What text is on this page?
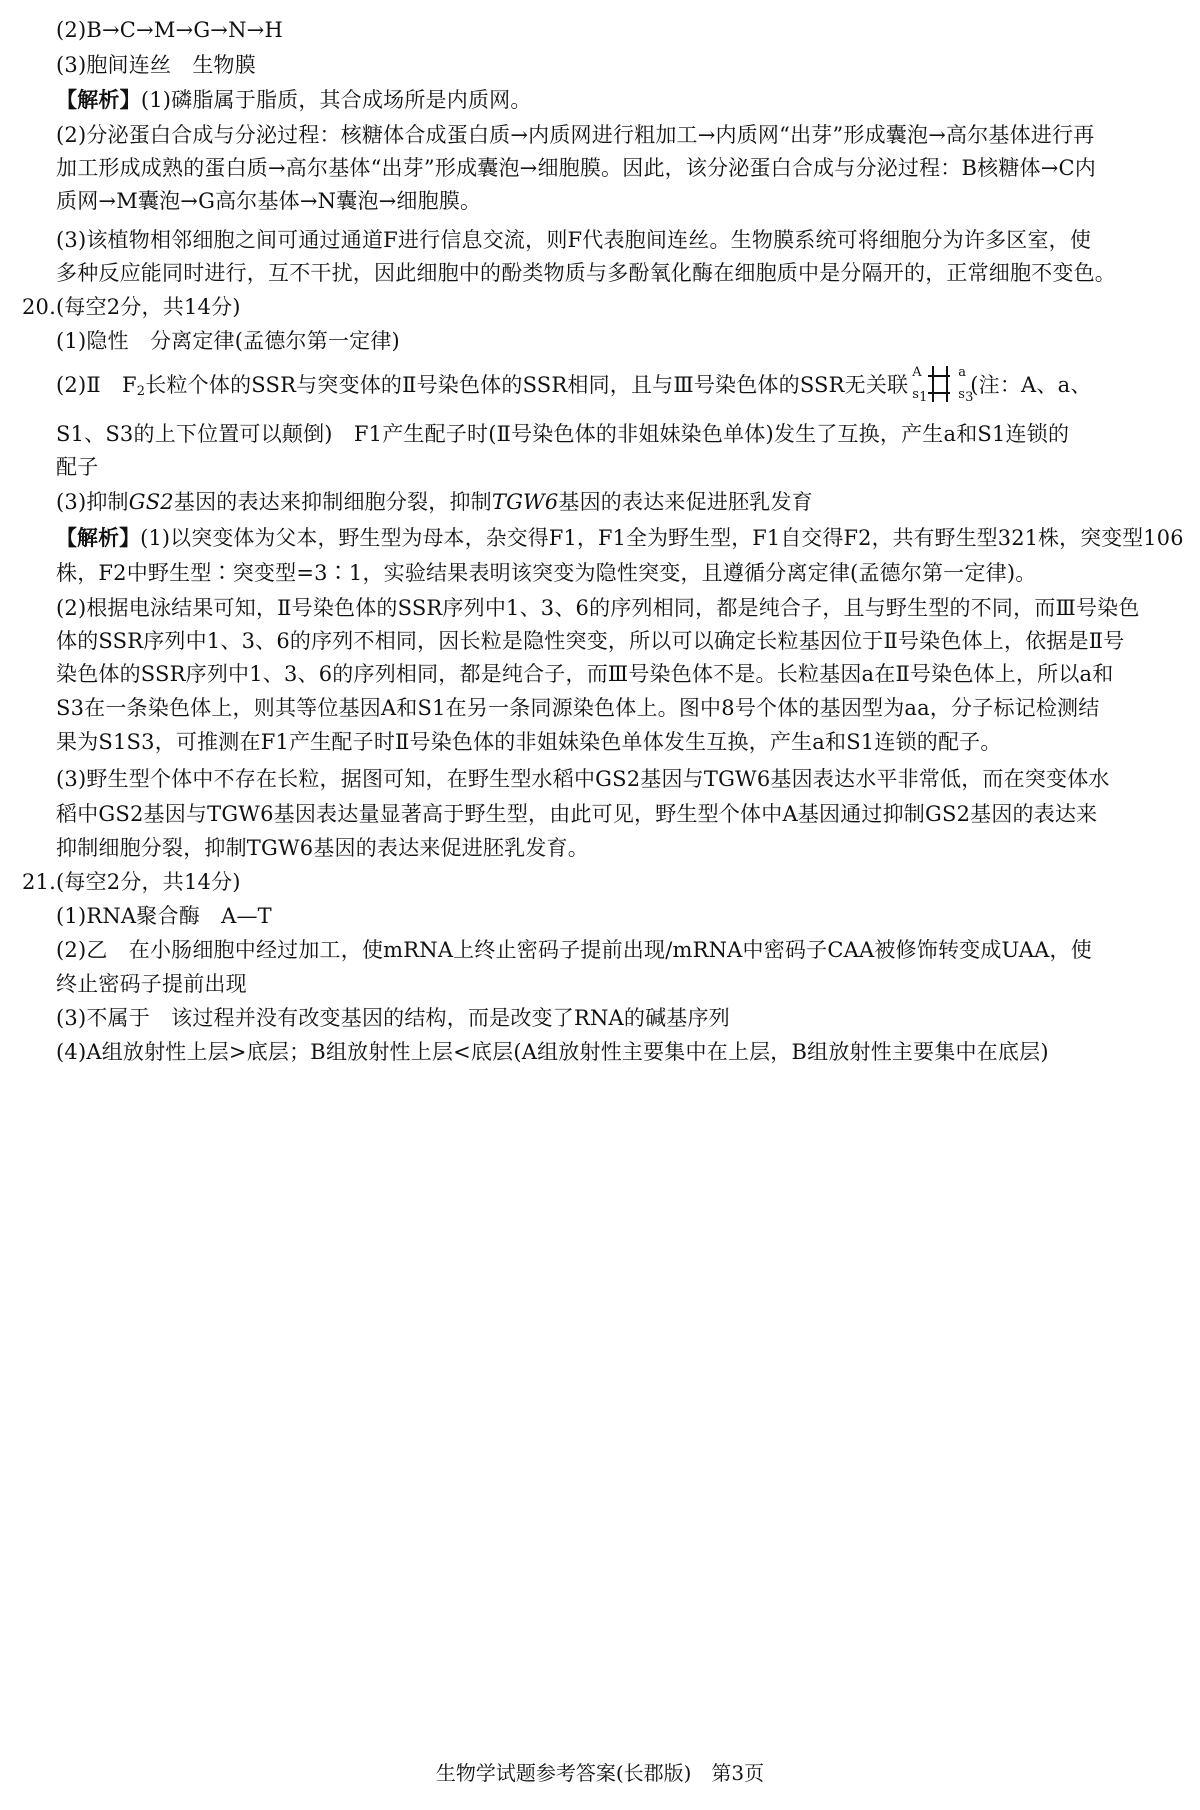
(2)B→C→M→G→N→H
(3)胞间连丝　生物膜
【解析】(1)磷脂属于脂质，其合成场所是内质网。
(2)分泌蛋白合成与分泌过程：核糖体合成蛋白质→内质网进行粗加工→内质网“出芽”形成囊泡→高尔基体进行再
加工形成成熟的蛋白质→高尔基体“出芽”形成囊泡→细胞膜。因此，该分泌蛋白合成与分泌过程：B核糖体→C内
质网→M囊泡→G高尔基体→N囊泡→细胞膜。
(3)该植物相邻细胞之间可通过通道F进行信息交流，则F代表胞间连丝。生物膜系统可将细胞分为许多区室，使
多种反应能同时进行，互不干扰，因此细胞中的酚类物质与多酚氧化酶在细胞质中是分隔开的，正常细胞不变色。
20.(每空2分，共14分)
(1)隐性　分离定律(孟德尔第一定律)
(2)Ⅱ　$F_2$长粒个体的SSR与突变体的Ⅱ号染色体的SSR相同，且与Ⅲ号染色体的SSR无关联
A	a
$s_1$ $s_3$
(注：A、a、
S1、S3的上下位置可以颠倒)　F1产生配子时(Ⅱ号染色体的非姐妹染色单体)发生了互换，产生a和S1连锁的
配子
(3)抑制GS2基因的表达来抑制细胞分裂，抑制TGW6基因的表达来促进胚乳发育
【解析】(1)以突变体为父本，野生型为母本，杂交得F1，F1全为野生型，F1自交得F2，共有野生型321株，突变型106
株，F2中野生型∶突变型=3∶1，实验结果表明该突变为隐性突变，且遵循分离定律(孟德尔第一定律)。
(2)根据电泳结果可知，Ⅱ号染色体的SSR序列中1、3、6的序列相同，都是纯合子，且与野生型的不同，而Ⅲ号染色
体的SSR序列中1、3、6的序列不相同，因长粒是隐性突变，所以可以确定长粒基因位于Ⅱ号染色体上，依据是Ⅱ号
染色体的SSR序列中1、3、6的序列相同，都是纯合子，而Ⅲ号染色体不是。长粒基因a在Ⅱ号染色体上，所以a和
S3在一条染色体上，则其等位基因A和S1在另一条同源染色体上。图中8号个体的基因型为aa，分子标记检测结
果为S1S3，可推测在F1产生配子时Ⅱ号染色体的非姐妹染色单体发生互换，产生a和S1连锁的配子。
(3)野生型个体中不存在长粒，据图可知，在野生型水稻中GS2基因与TGW6基因表达水平非常低，而在突变体水
稻中GS2基因与TGW6基因表达量显著高于野生型，由此可见，野生型个体中A基因通过抑制GS2基因的表达来
抑制细胞分裂，抑制TGW6基因的表达来促进胚乳发育。
21.(每空2分，共14分)
(1)RNA聚合酶　A—T
(2)乙　在小肠细胞中经过加工，使mRNA上终止密码子提前出现/mRNA中密码子CAA被修饰转变成UAA，使
终止密码子提前出现
(3)不属于　该过程并没有改变基因的结构，而是改变了RNA的碱基序列
(4)A组放射性上层>底层；B组放射性上层<底层(A组放射性主要集中在上层，B组放射性主要集中在底层)
生物学试题参考答案(长郡版)　第3页
